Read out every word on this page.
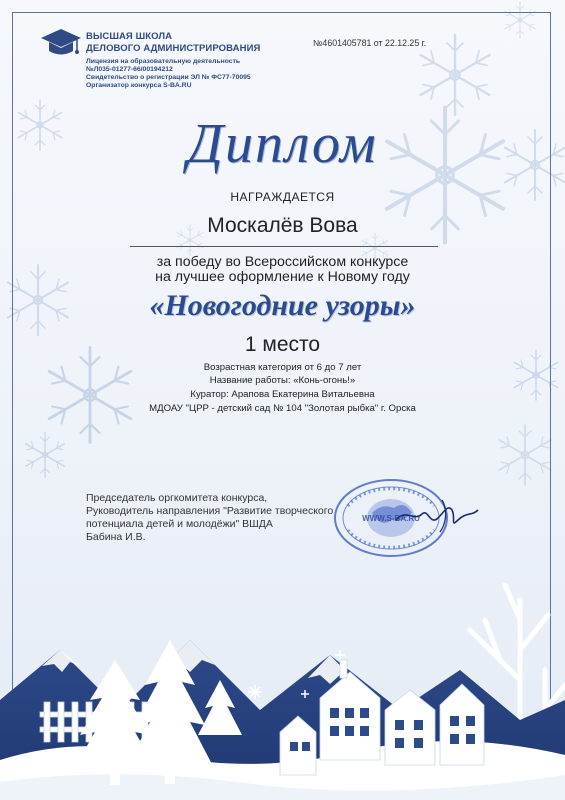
ВЫСШАЯ ШКОЛА
ДЕЛОВОГО АДМИНИСТРИРОВАНИЯ
Лицензия на образовательную деятельность
№Л035-01277-66/00194212
Свидетельство о регистрации ЭЛ № ФС77-70095
Организатор конкурса S-BA.RU
№4601405781 от 22.12.25 г.
Диплом
НАГРАЖДАЕТСЯ
Москалёв Вова
за победу во Всероссийском конкурсе
на лучшее оформление к Новому году
«Новогодние узоры»
1 место
Возрастная категория от 6 до 7 лет
Название работы: «Конь-огонь!»
Куратор: Арапова Екатерина Витальевна
МДОАУ "ЦРР - детский сад № 104 "Золотая рыбка" г. Орска
Председатель оргкомитета конкурса,
Руководитель направления "Развитие творческого
потенциала детей и молодёжи" ВШДА
Бабина И.В.
WWW.S-BA.RU
